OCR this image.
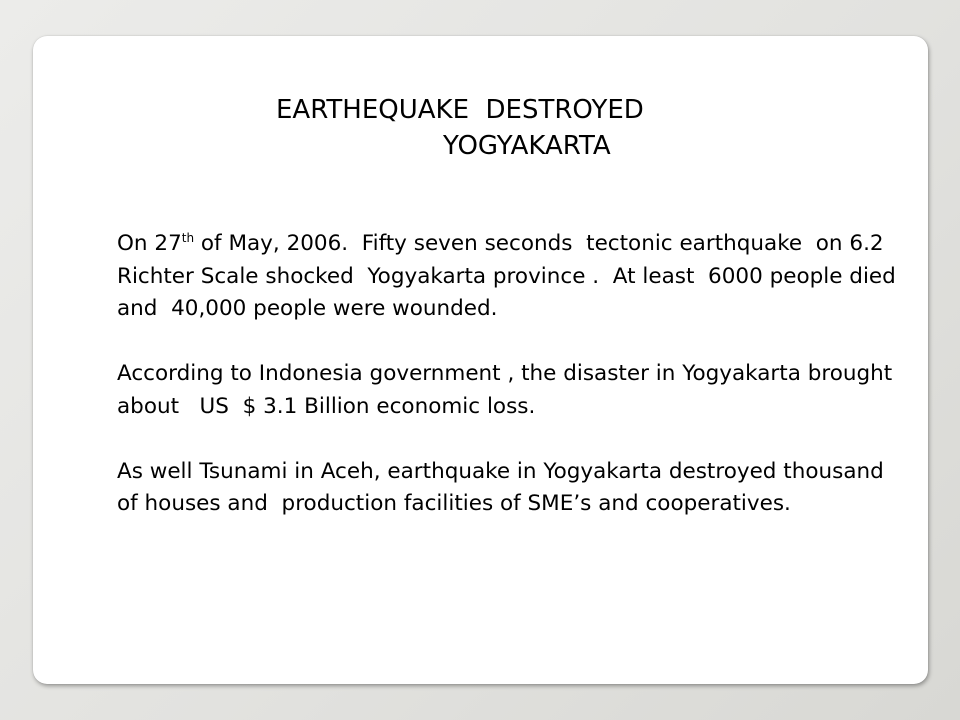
EARTHEQUAKE  DESTROYED
YOGYAKARTA

On 27th of May, 2006.  Fifty seven seconds  tectonic earthquake  on 6.2 Richter Scale shocked  Yogyakarta province .  At least  6000 people died and  40,000 people were wounded.

According to Indonesia government , the disaster in Yogyakarta brought about   US  $ 3.1 Billion economic loss.

As well Tsunami in Aceh, earthquake in Yogyakarta destroyed thousand of houses and  production facilities of SME’s and cooperatives.
